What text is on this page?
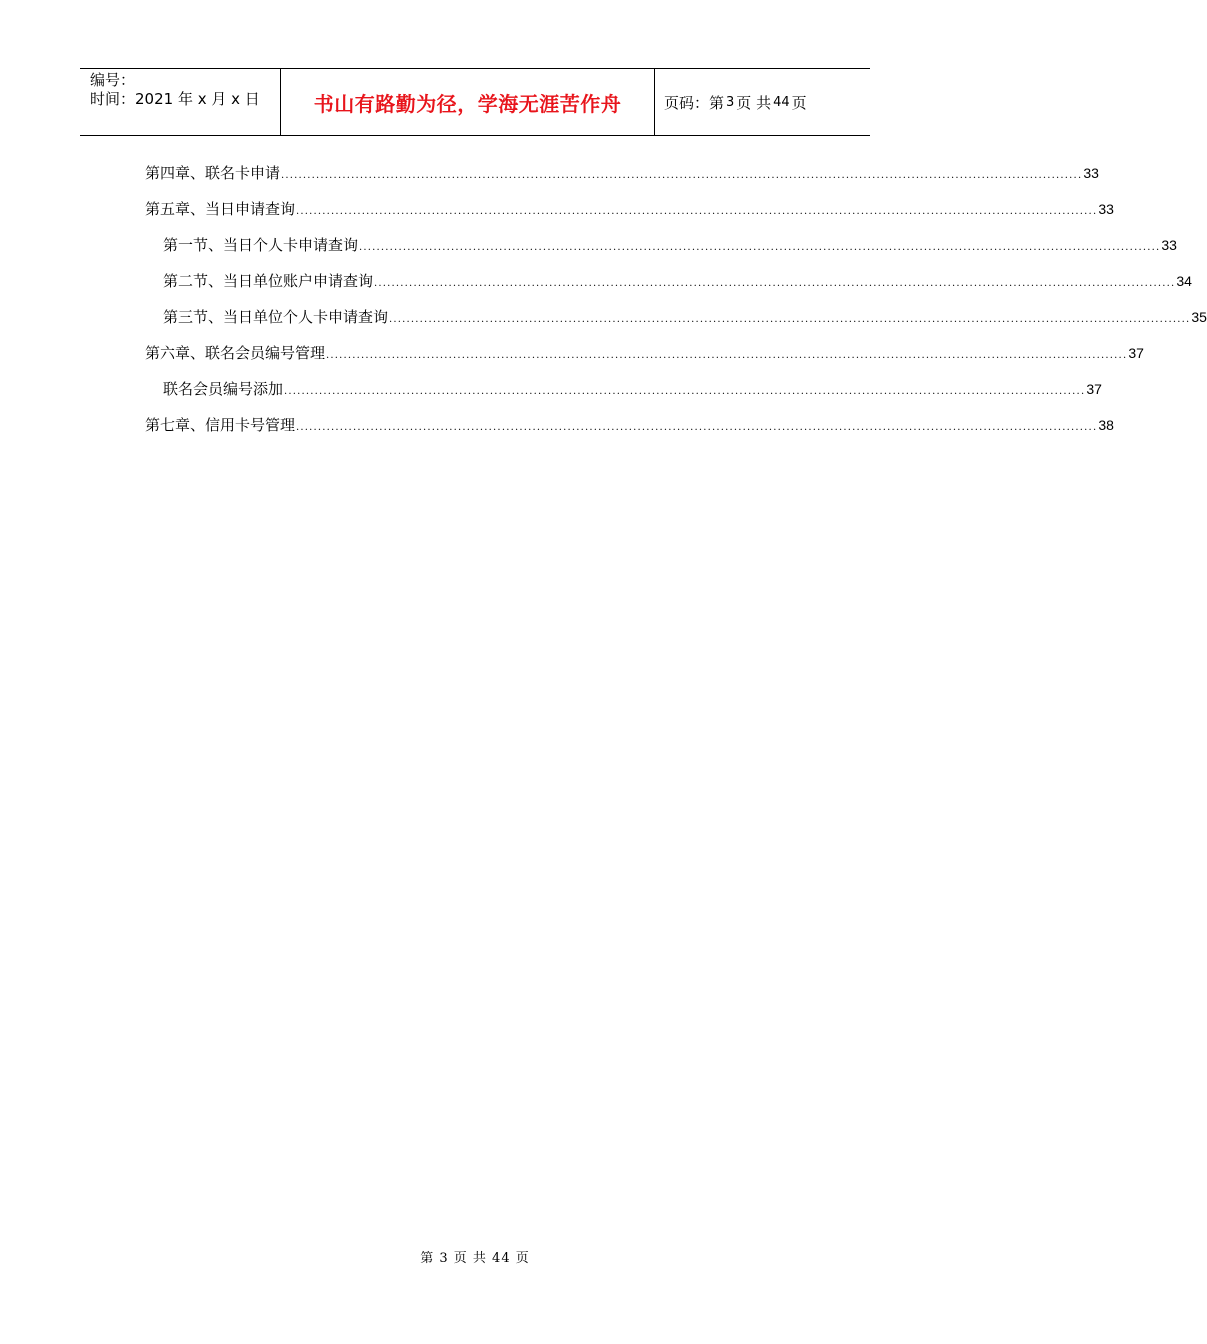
编号：
时间：2021 年 x 月 x 日	书山有路勤为径，学海无涯苦作舟	页码：第 3 页 共 44 页
第四章、联名卡申请 ....................................................................................................................................................................................... 33
第五章、当日申请查询 ....................................................................................................................................................................................... 33
第一节、 当日个人卡申请查询 ....................................................................................................................................................................................... 33
第二节、 当日单位账户申请查询 ....................................................................................................................................................................................... 34
第三节、 当日单位个人卡申请查询 ....................................................................................................................................................................................... 35
第六章、联名会员编号管理 ....................................................................................................................................................................................... 37
联名会员编号添加 ....................................................................................................................................................................................... 37
第七章、信用卡号管理 ....................................................................................................................................................................................... 38
第 3 页 共 44 页
